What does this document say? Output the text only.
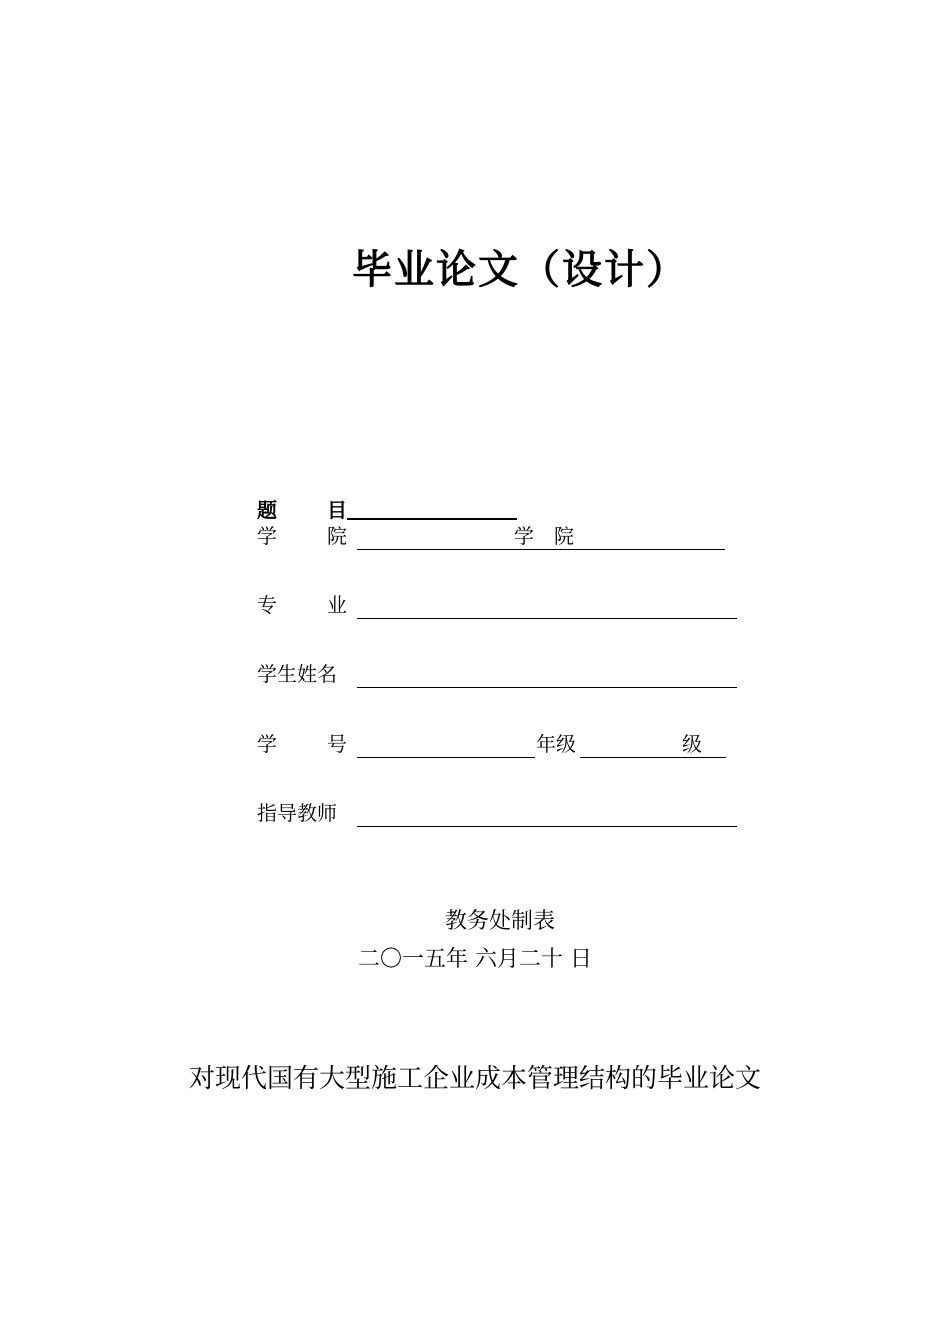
毕业论文（设计）
题	目
学	院	学　院
专	业
学生姓名
学	号	年级	级
指导教师
教务处制表
二〇一五年 六月二十 日
对现代国有大型施工企业成本管理结构的毕业论文
